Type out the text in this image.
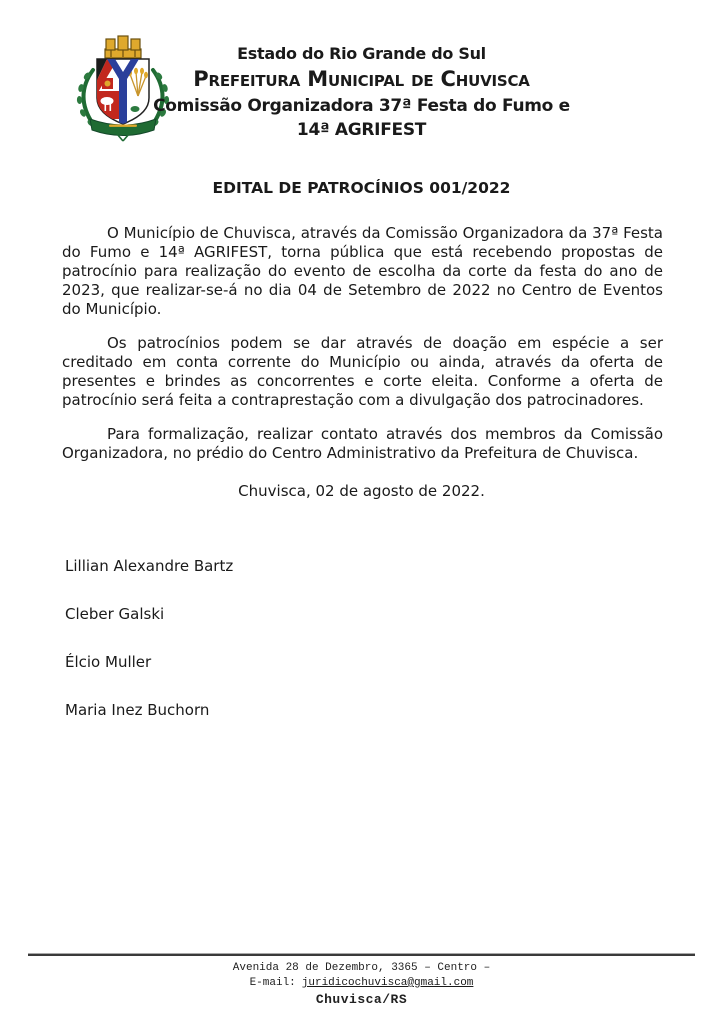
Estado do Rio Grande do Sul
Prefeitura Municipal de Chuvisca
Comissão Organizadora 37ª Festa do Fumo e
14ª AGRIFEST
EDITAL DE PATROCÍNIOS 001/2022

O Município de Chuvisca, através da Comissão Organizadora da 37ª Festa do Fumo e 14ª AGRIFEST, torna pública que está recebendo propostas de patrocínio para realização do evento de escolha da corte da festa do ano de 2023, que realizar-se-á no dia 04 de Setembro de 2022 no Centro de Eventos do Município.

Os patrocínios podem se dar através de doação em espécie a ser creditado em conta corrente do Município ou ainda, através da oferta de presentes e brindes as concorrentes e corte eleita. Conforme a oferta de patrocínio será feita a contraprestação com a divulgação dos patrocinadores.

Para formalização, realizar contato através dos membros da Comissão Organizadora, no prédio do Centro Administrativo da Prefeitura de Chuvisca.

Chuvisca, 02 de agosto de 2022.
Lillian Alexandre Bartz
Cleber Galski
Élcio Muller
Maria Inez Buchorn
Avenida 28 de Dezembro, 3365 – Centro –
E-mail: juridicochuvisca@gmail.com
Chuvisca/RS
